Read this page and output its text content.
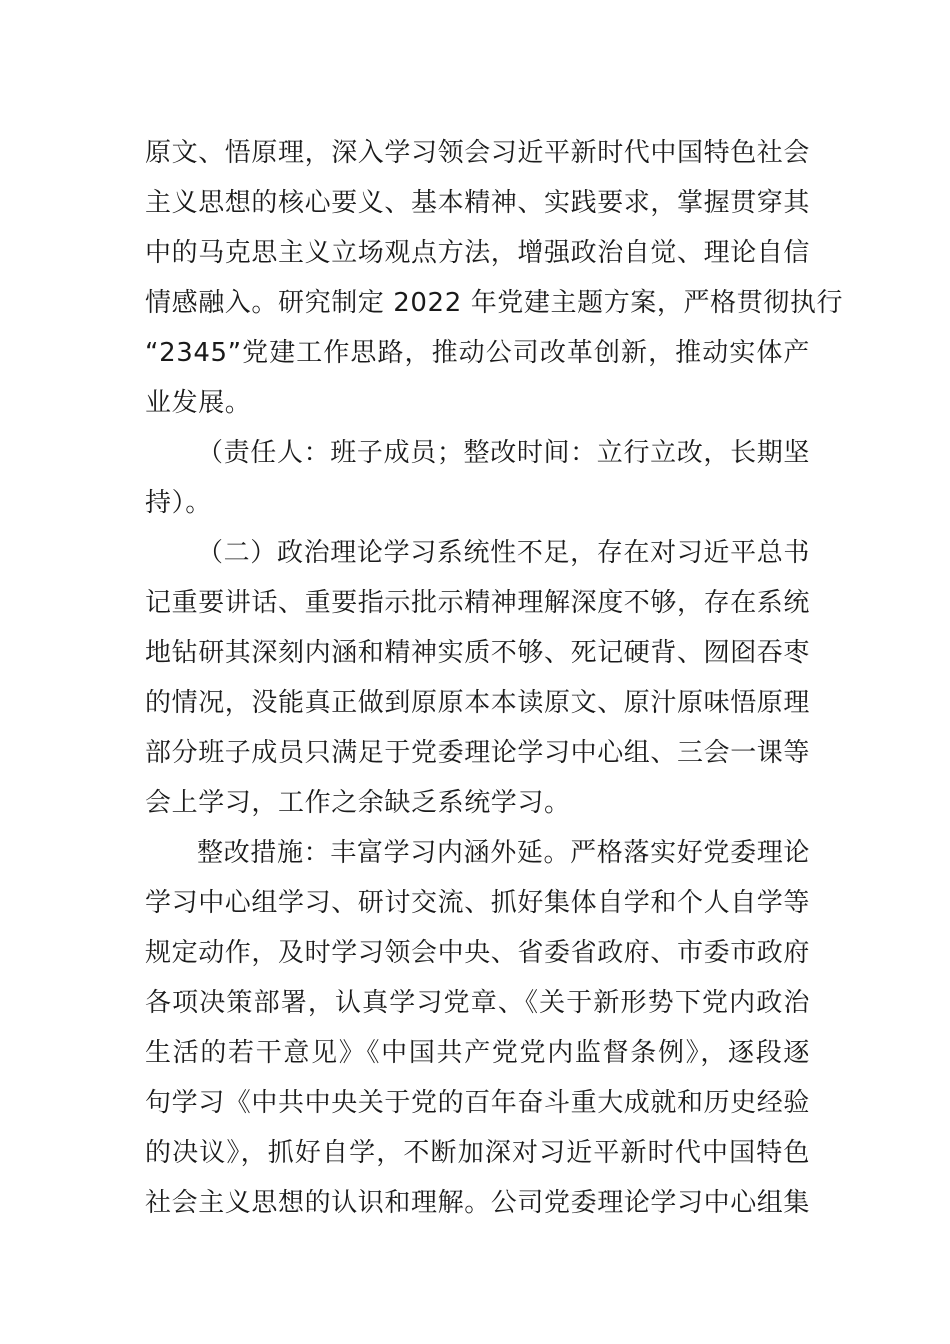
原文、悟原理，深入学习领会习近平新时代中国特色社会
主义思想的核心要义、基本精神、实践要求，掌握贯穿其
中的马克思主义立场观点方法，增强政治自觉、理论自信
情感融入。研究制定 2022 年党建主题方案，严格贯彻执行
“2345”党建工作思路，推动公司改革创新，推动实体产
业发展。
（责任人：班子成员；整改时间：立行立改，长期坚
持）。
（二）政治理论学习系统性不足，存在对习近平总书
记重要讲话、重要指示批示精神理解深度不够，存在系统
地钻研其深刻内涵和精神实质不够、死记硬背、囫囵吞枣
的情况，没能真正做到原原本本读原文、原汁原味悟原理
部分班子成员只满足于党委理论学习中心组、三会一课等
会上学习，工作之余缺乏系统学习。
整改措施：丰富学习内涵外延。严格落实好党委理论
学习中心组学习、研讨交流、抓好集体自学和个人自学等
规定动作，及时学习领会中央、省委省政府、市委市政府
各项决策部署，认真学习党章、《关于新形势下党内政治
生活的若干意见》《中国共产党党内监督条例》，逐段逐
句学习《中共中央关于党的百年奋斗重大成就和历史经验
的决议》，抓好自学，不断加深对习近平新时代中国特色
社会主义思想的认识和理解。公司党委理论学习中心组集
